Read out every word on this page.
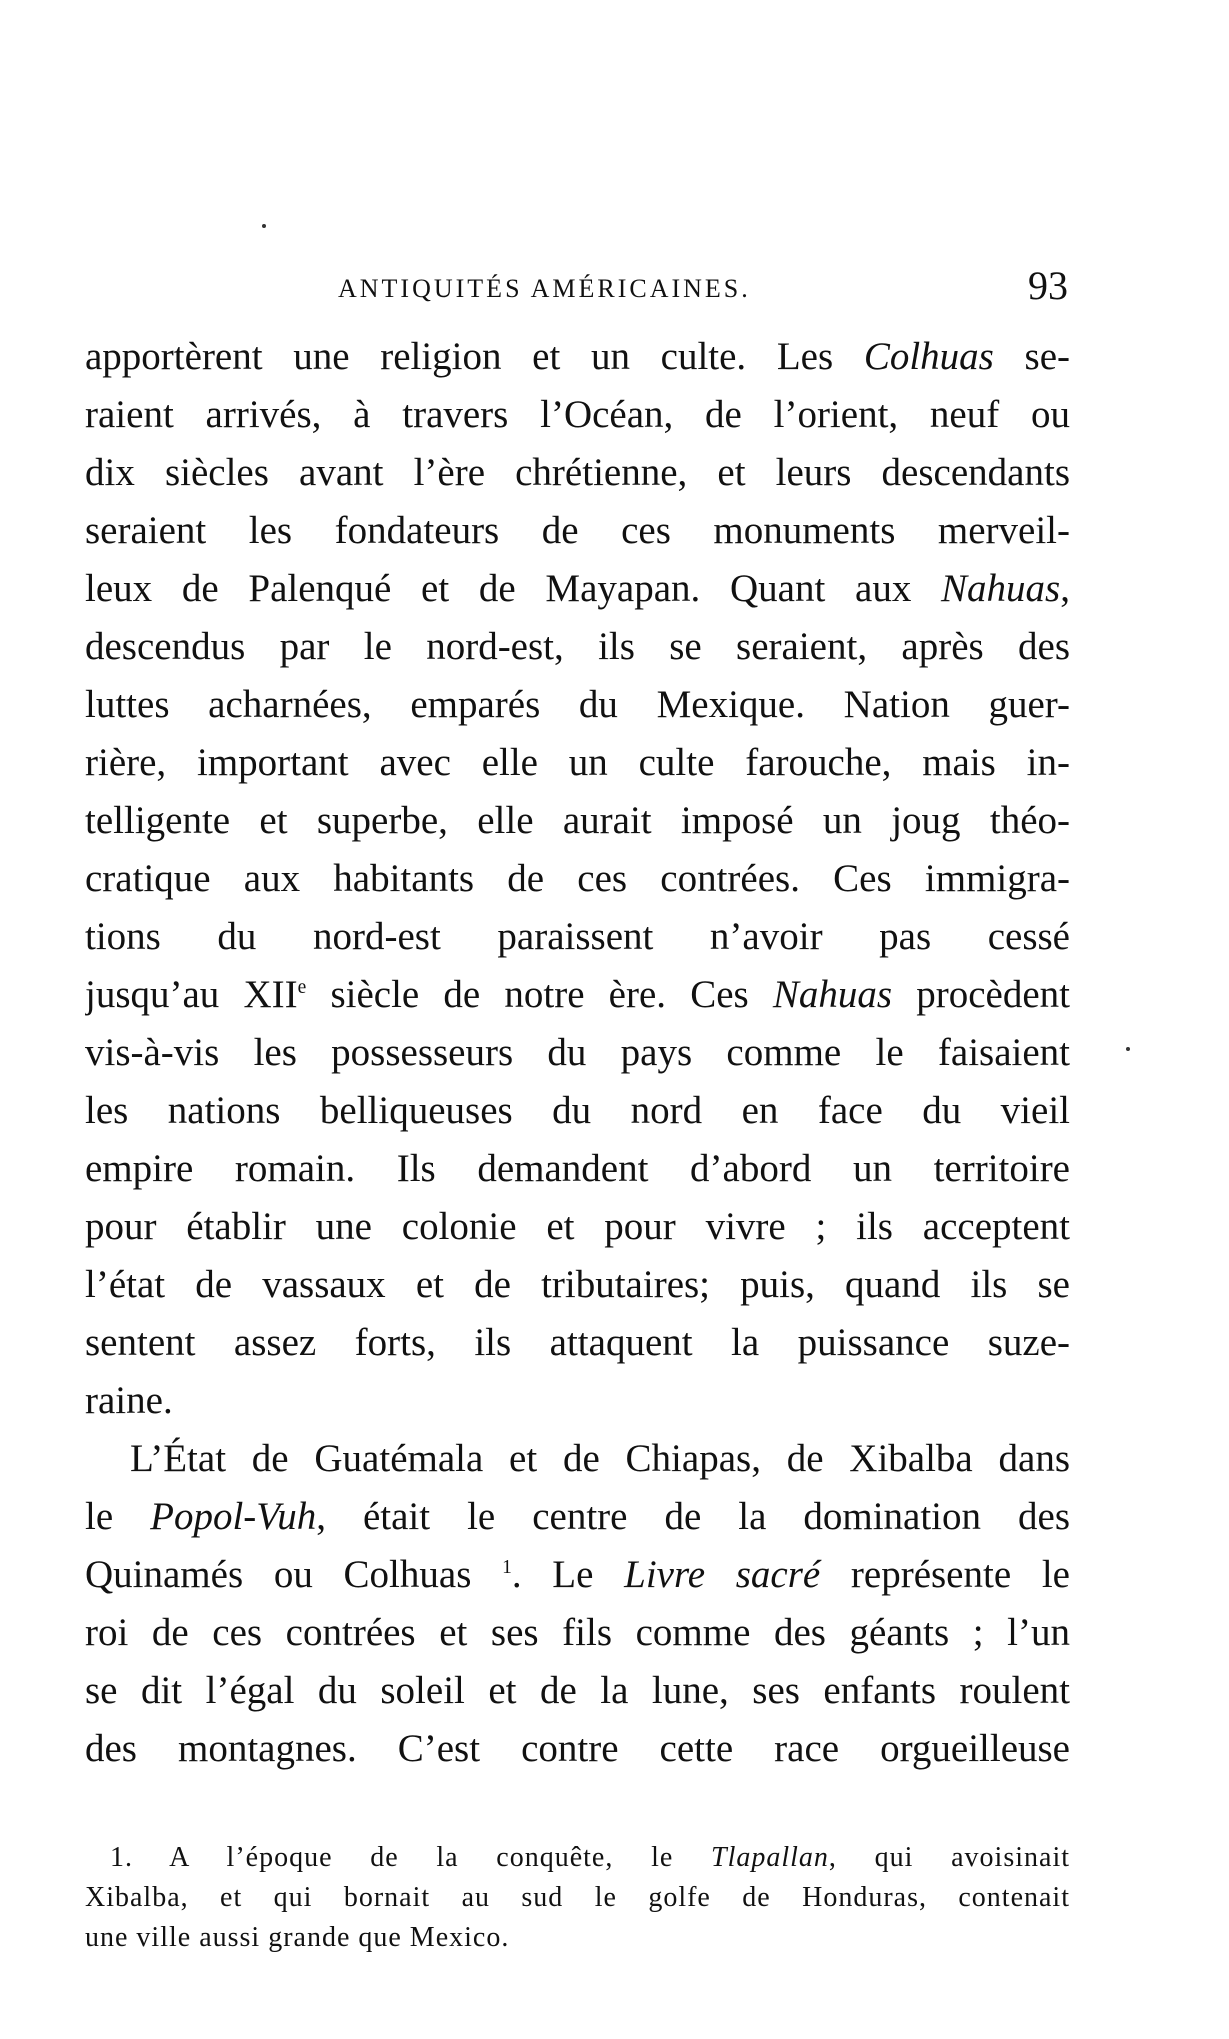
ANTIQUITÉS AMÉRICAINES.	93
apportèrent une religion et un culte. Les Colhuas se-
raient arrivés, à travers l’Océan, de l’orient, neuf ou
dix siècles avant l’ère chrétienne, et leurs descendants
seraient les fondateurs de ces monuments merveil-
leux de Palenqué et de Mayapan. Quant aux Nahuas,
descendus par le nord-est, ils se seraient, après des
luttes acharnées, emparés du Mexique. Nation guer-
rière, important avec elle un culte farouche, mais in-
telligente et superbe, elle aurait imposé un joug théo-
cratique aux habitants de ces contrées. Ces immigra-
tions du nord-est paraissent n’avoir pas cessé
jusqu’au XIIe siècle de notre ère. Ces Nahuas procèdent
vis-à-vis les possesseurs du pays comme le faisaient
les nations belliqueuses du nord en face du vieil
empire romain. Ils demandent d’abord un territoire
pour établir une colonie et pour vivre ; ils acceptent
l’état de vassaux et de tributaires; puis, quand ils se
sentent assez forts, ils attaquent la puissance suze-
raine.
L’État de Guatémala et de Chiapas, de Xibalba dans
le Popol-Vuh, était le centre de la domination des
Quinamés ou Colhuas $^1$. Le Livre sacré représente le
roi de ces contrées et ses fils comme des géants ; l’un
se dit l’égal du soleil et de la lune, ses enfants roulent
des montagnes. C’est contre cette race orgueilleuse
1. A l’époque de la conquête, le Tlapallan, qui avoisinait
Xibalba, et qui bornait au sud le golfe de Honduras, contenait
une ville aussi grande que Mexico.
